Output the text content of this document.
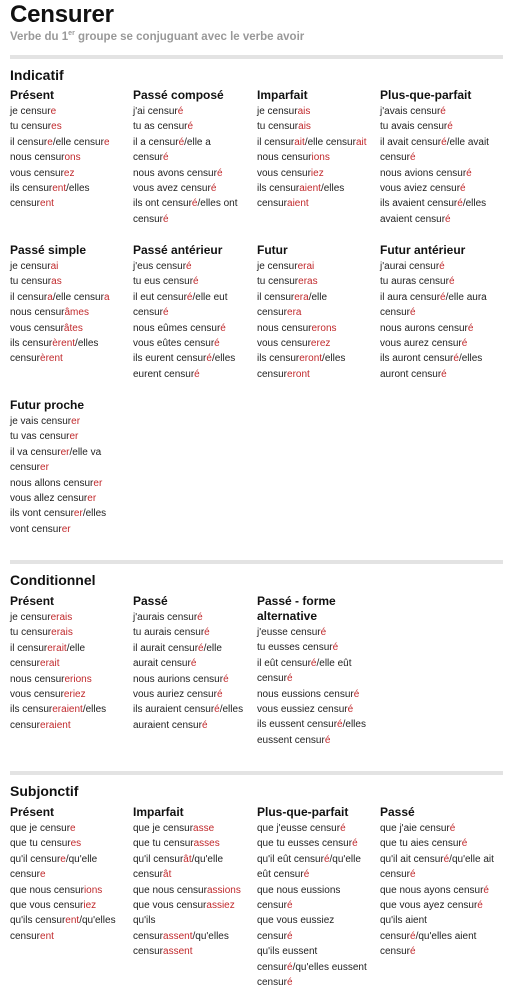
Censurer
Verbe du 1er groupe se conjuguant avec le verbe avoir
Indicatif
Présent
je censure
tu censures
il censure/elle censure
nous censurons
vous censurez
ils censurent/elles
censurent
Passé composé
j'ai censuré
tu as censuré
il a censuré/elle a
censuré
nous avons censuré
vous avez censuré
ils ont censuré/elles ont
censuré
Imparfait
je censurais
tu censurais
il censurait/elle censurait
nous censurions
vous censuriez
ils censuraient/elles
censuraient
Plus-que-parfait
j'avais censuré
tu avais censuré
il avait censuré/elle avait
censuré
nous avions censuré
vous aviez censuré
ils avaient censuré/elles
avaient censuré
Passé simple
je censurai
tu censuras
il censura/elle censura
nous censurâmes
vous censurâtes
ils censurèrent/elles
censurèrent
Passé antérieur
j'eus censuré
tu eus censuré
il eut censuré/elle eut
censuré
nous eûmes censuré
vous eûtes censuré
ils eurent censuré/elles
eurent censuré
Futur
je censurerai
tu censureras
il censurera/elle
censurera
nous censurerons
vous censurerez
ils censureront/elles
censureront
Futur antérieur
j'aurai censuré
tu auras censuré
il aura censuré/elle aura
censuré
nous aurons censuré
vous aurez censuré
ils auront censuré/elles
auront censuré
Futur proche
je vais censurer
tu vas censurer
il va censurer/elle va
censurer
nous allons censurer
vous allez censurer
ils vont censurer/elles
vont censurer
Conditionnel
Présent
je censurerais
tu censurerais
il censurerait/elle
censurerait
nous censurerions
vous censureriez
ils censureraient/elles
censureraient
Passé
j'aurais censuré
tu aurais censuré
il aurait censuré/elle
aurait censuré
nous aurions censuré
vous auriez censuré
ils auraient censuré/elles
auraient censuré
Passé - forme alternative
j'eusse censuré
tu eusses censuré
il eût censuré/elle eût
censuré
nous eussions censuré
vous eussiez censuré
ils eussent censuré/elles
eussent censuré
Subjonctif
Présent
que je censure
que tu censures
qu'il censure/qu'elle
censure
que nous censurions
que vous censuriez
qu'ils censurent/qu'elles
censurent
Imparfait
que je censurasse
que tu censurasses
qu'il censurât/qu'elle
censurât
que nous censurassions
que vous censurassiez
qu'ils
censurassent/qu'elles
censurassent
Plus-que-parfait
que j'eusse censuré
que tu eusses censuré
qu'il eût censuré/qu'elle
eût censuré
que nous eussions
censuré
que vous eussiez
censuré
qu'ils eussent
censuré/qu'elles eussent
censuré
Passé
que j'aie censuré
que tu aies censuré
qu'il ait censuré/qu'elle ait
censuré
que nous ayons censuré
que vous ayez censuré
qu'ils aient
censuré/qu'elles aient
censuré
